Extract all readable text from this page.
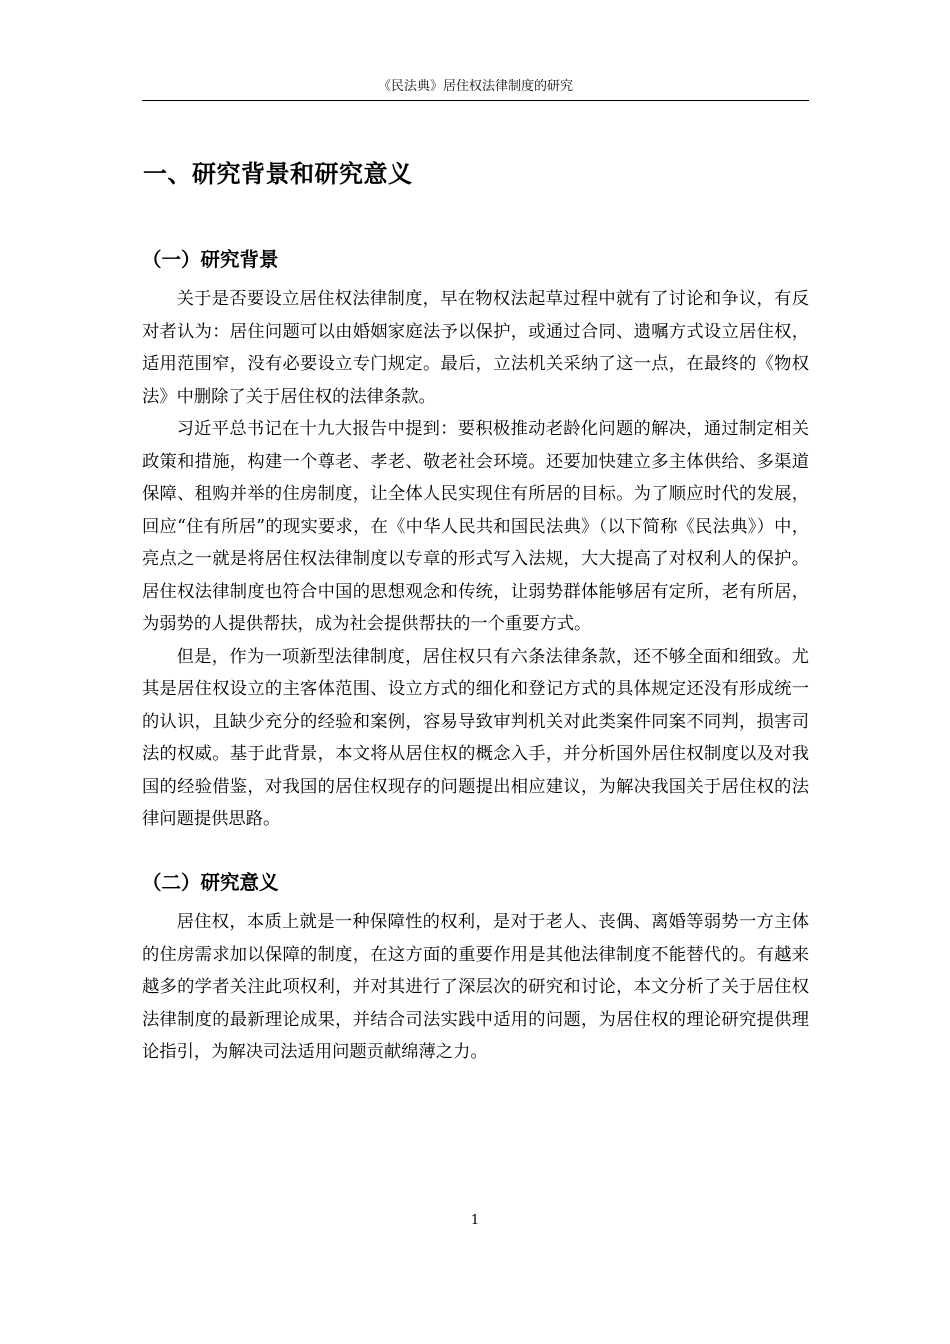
《民法典》居住权法律制度的研究
一、研究背景和研究意义
（一）研究背景

关于是否要设立居住权法律制度，早在物权法起草过程中就有了讨论和争议，有反对者认为：居住问题可以由婚姻家庭法予以保护，或通过合同、遗嘱方式设立居住权，适用范围窄，没有必要设立专门规定。最后，立法机关采纳了这一点，在最终的《物权法》中删除了关于居住权的法律条款。

习近平总书记在十九大报告中提到：要积极推动老龄化问题的解决，通过制定相关政策和措施，构建一个尊老、孝老、敬老社会环境。还要加快建立多主体供给、多渠道保障、租购并举的住房制度，让全体人民实现住有所居的目标。为了顺应时代的发展，回应“住有所居”的现实要求，在《中华人民共和国民法典》（以下简称《民法典》）中，亮点之一就是将居住权法律制度以专章的形式写入法规，大大提高了对权利人的保护。居住权法律制度也符合中国的思想观念和传统，让弱势群体能够居有定所，老有所居，为弱势的人提供帮扶，成为社会提供帮扶的一个重要方式。

但是，作为一项新型法律制度，居住权只有六条法律条款，还不够全面和细致。尤其是居住权设立的主客体范围、设立方式的细化和登记方式的具体规定还没有形成统一的认识，且缺少充分的经验和案例，容易导致审判机关对此类案件同案不同判，损害司法的权威。基于此背景，本文将从居住权的概念入手，并分析国外居住权制度以及对我国的经验借鉴，对我国的居住权现存的问题提出相应建议，为解决我国关于居住权的法律问题提供思路。

（二）研究意义

居住权，本质上就是一种保障性的权利，是对于老人、丧偶、离婚等弱势一方主体的住房需求加以保障的制度，在这方面的重要作用是其他法律制度不能替代的。有越来越多的学者关注此项权利，并对其进行了深层次的研究和讨论，本文分析了关于居住权法律制度的最新理论成果，并结合司法实践中适用的问题，为居住权的理论研究提供理论指引，为解决司法适用问题贡献绵薄之力。

1
